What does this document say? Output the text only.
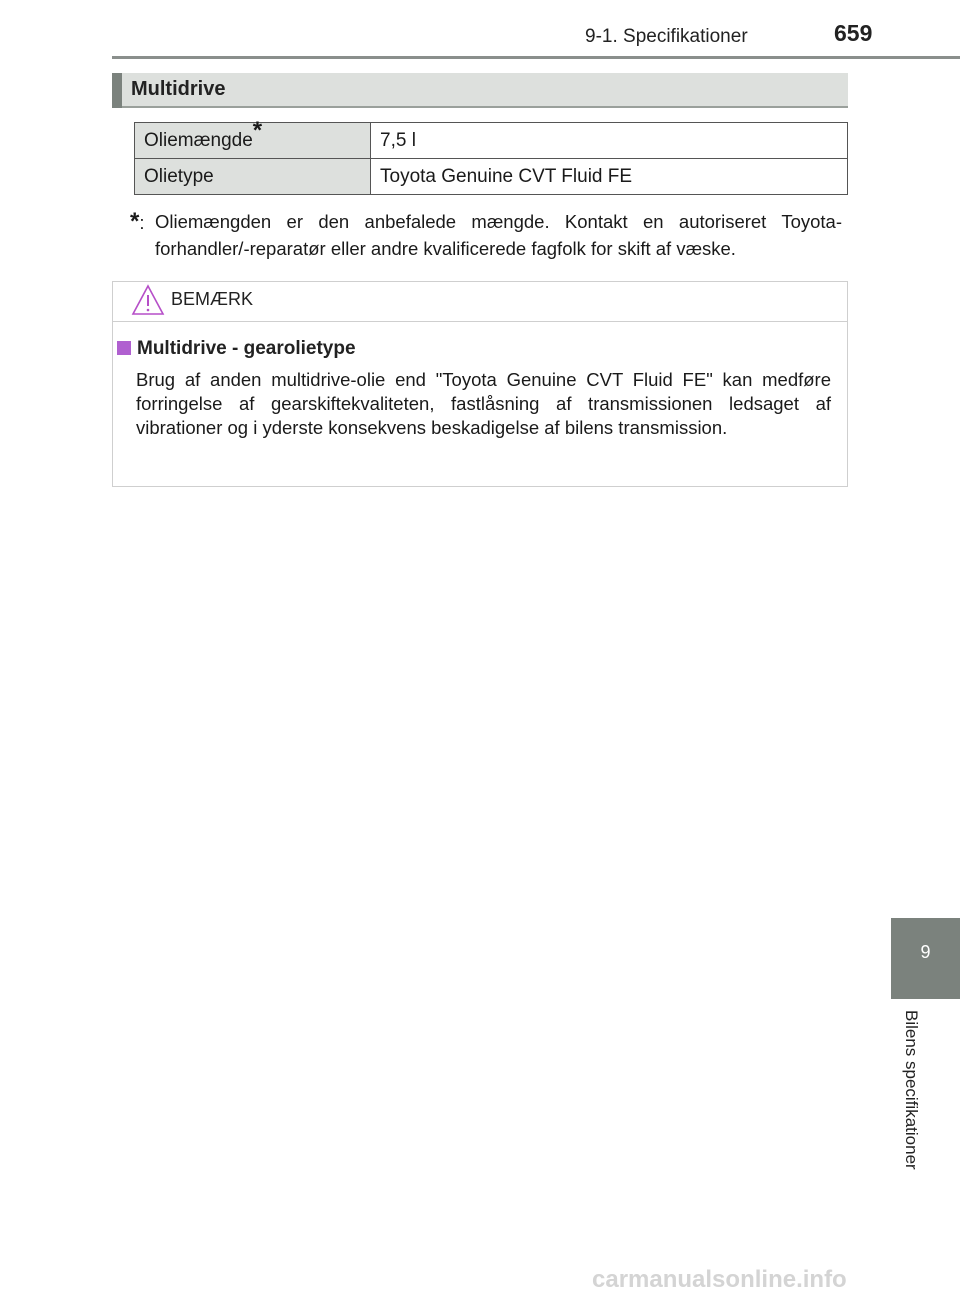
9-1. Specifikationer	659
Multidrive
Oliemængde*	7,5 l
Olietype	Toyota Genuine CVT Fluid FE
*: Oliemængden er den anbefalede mængde. Kontakt en autoriseret Toyota-forhandler/-reparatør eller andre kvalificerede fagfolk for skift af væske.
BEMÆRK
Multidrive - gearolietype
Brug af anden multidrive-olie end "Toyota Genuine CVT Fluid FE" kan medføre forringelse af gearskiftekvaliteten, fastlåsning af transmissionen ledsaget af vibrationer og i yderste konsekvens beskadigelse af bilens transmission.
9
Bilens specifikationer
carmanualsonline.info
